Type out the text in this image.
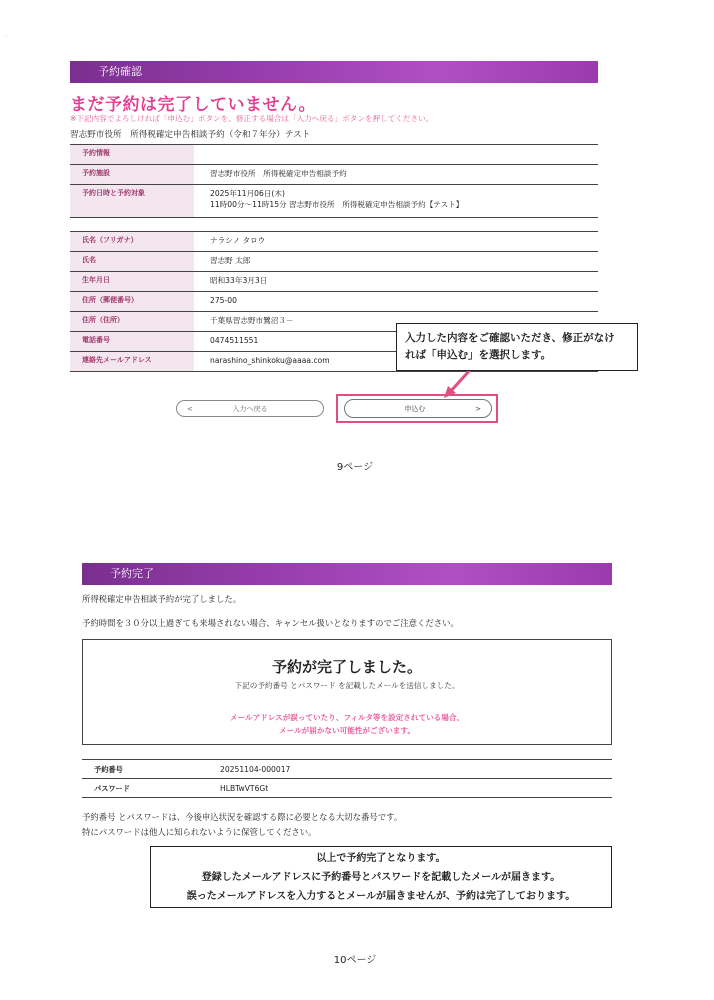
·
予約確認
まだ予約は完了していません。
※下記内容でよろしければ「申込む」ボタンを、修正する場合は「入力へ戻る」ボタンを押してください。
習志野市役所　所得税確定申告相談予約（令和７年分）テスト
予約情報
予約施設	習志野市役所　所得税確定申告相談予約
予約日時と予約対象	2025年11月06日(木)
11時00分～11時15分 習志野市役所　所得税確定申告相談予約【テスト】
氏名（フリガナ）	ナラシノ タロウ
氏名	習志野 太郎
生年月日	昭和33年3月3日
住所（郵便番号）	275-00
住所（住所）	千葉県習志野市鷺沼３－
電話番号	0474511551
連絡先メールアドレス	narashino_shinkoku@aaaa.com
<	入力へ戻る	申込む	>
入力した内容をご確認いただき、修正がなけ
れば「申込む」を選択します。
9ページ
予約完了
所得税確定申告相談予約が完了しました。
予約時間を３０分以上過ぎても来場されない場合、キャンセル扱いとなりますのでご注意ください。
予約が完了しました。
下記の予約番号 とパスワード を記載したメールを送信しました。
メールアドレスが誤っていたり、フィルタ等を設定されている場合、
メールが届かない可能性がございます。
予約番号	20251104-000017
パスワード	HLBTwVT6Gt
予約番号 とパスワードは、今後申込状況を確認する際に必要となる大切な番号です。
特にパスワードは他人に知られないように保管してください。
以上で予約完了となります。
登録したメールアドレスに予約番号とパスワードを記載したメールが届きます。
誤ったメールアドレスを入力するとメールが届きませんが、予約は完了しております。
10ページ
